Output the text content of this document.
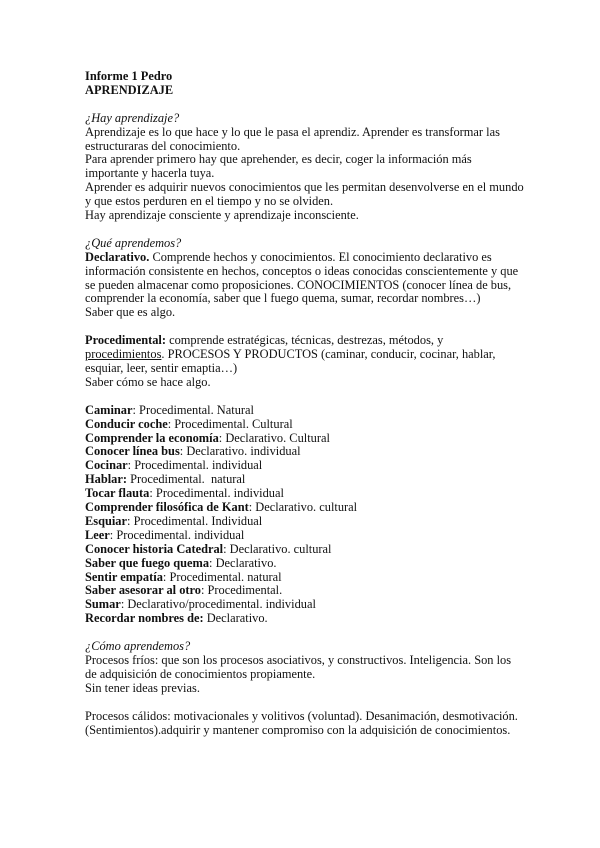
Informe 1 Pedro
APRENDIZAJE
¿Hay aprendizaje?
Aprendizaje es lo que hace y lo que le pasa el aprendiz. Aprender es transformar las
estructuraras del conocimiento.
Para aprender primero hay que aprehender, es decir, coger la información más
importante y hacerla tuya.
Aprender es adquirir nuevos conocimientos que les permitan desenvolverse en el mundo
y que estos perduren en el tiempo y no se olviden.
Hay aprendizaje consciente y aprendizaje inconsciente.
¿Qué aprendemos?
Declarativo. Comprende hechos y conocimientos. El conocimiento declarativo es
información consistente en hechos, conceptos o ideas conocidas conscientemente y que
se pueden almacenar como proposiciones. CONOCIMIENTOS (conocer línea de bus,
comprender la economía, saber que l fuego quema, sumar, recordar nombres…)
Saber que es algo.
Procedimental: comprende estratégicas, técnicas, destrezas, métodos, y
procedimientos. PROCESOS Y PRODUCTOS (caminar, conducir, cocinar, hablar,
esquiar, leer, sentir emaptia…)
Saber cómo se hace algo.
Caminar: Procedimental. Natural
Conducir coche: Procedimental. Cultural
Comprender la economía: Declarativo. Cultural
Conocer línea bus: Declarativo. individual
Cocinar: Procedimental. individual
Hablar: Procedimental.  natural
Tocar flauta: Procedimental. individual
Comprender filosófica de Kant: Declarativo. cultural
Esquiar: Procedimental. Individual
Leer: Procedimental. individual
Conocer historia Catedral: Declarativo. cultural
Saber que fuego quema: Declarativo.
Sentir empatía: Procedimental. natural
Saber asesorar al otro: Procedimental.
Sumar: Declarativo/procedimental. individual
Recordar nombres de: Declarativo.
¿Cómo aprendemos?
Procesos fríos: que son los procesos asociativos, y constructivos. Inteligencia. Son los
de adquisición de conocimientos propiamente.
Sin tener ideas previas.
Procesos cálidos: motivacionales y volitivos (voluntad). Desanimación, desmotivación.
(Sentimientos).adquirir y mantener compromiso con la adquisición de conocimientos.
